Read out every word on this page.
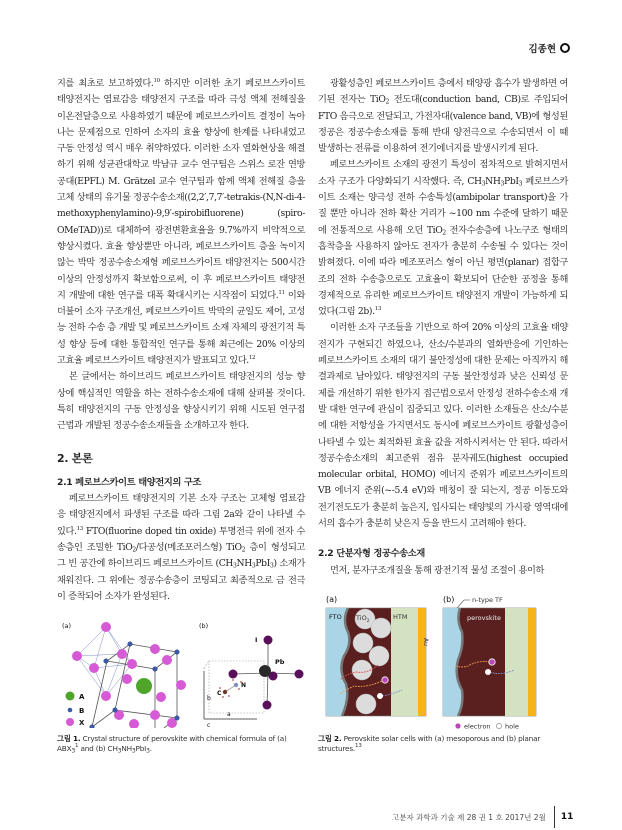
김종현

지를 최초로 보고하였다.$^{10}$ 하지만 이러한 초기 페로브스카이트 태양전지는 염료감응 태양전지 구조를 따라 극성 액체 전해질을 이온전달층으로 사용하였기 때문에 페로브스카이트 결정이 녹아나는 문제점으로 인하여 소자의 효율 향상에 한계를 나타내었고 구동 안정성 역시 매우 취약하였다. 이러한 소자 열화현상을 해결하기 위해 성균관대학교 박남규 교수 연구팀은 스위스 로잔 연방공대(EPFL) M. Grätzel 교수 연구팀과 함께 액체 전해질 층을 고체 상태의 유기물 정공수송소재((2,2′,7,7′-tetrakis-(N,N-di-4-methoxyphenylamino)-9,9′-spirobifluorene) (spiro-OMeTAD))로 대체하여 광전변환효율을 9.7%까지 비약적으로 향상시켰다. 효율 향상뿐만 아니라, 페로브스카이트 층을 녹이지 않는 박막 정공수송소재형 페로브스카이트 태양전지는 500시간 이상의 안정성까지 확보함으로써, 이 후 페로브스카이트 태양전지 개발에 대한 연구를 대폭 확대시키는 시작점이 되었다.$^{11}$ 이와 더불어 소자 구조개선, 페로브스카이트 박막의 균일도 제어, 고성능 전하 수송 층 개발 및 페로브스카이트 소재 자체의 광전기적 특성 향상 등에 대한 통합적인 연구를 통해 최근에는 20% 이상의 고효율 페로브스카이트 태양전지가 발표되고 있다.$^{12}$

본 글에서는 하이브리드 페로브스카이트 태양전지의 성능 향상에 핵심적인 역할을 하는 전하수송소재에 대해 살펴볼 것이다. 특히 태양전지의 구동 안정성을 향상시키기 위해 시도된 연구접근법과 개발된 정공수송소재들을 소개하고자 한다.

2. 본론
2.1 페로브스카이트 태양전지의 구조

페로브스카이트 태양전지의 기본 소자 구조는 고체형 염료감응 태양전지에서 파생된 구조를 따라 그림 2a와 같이 나타낼 수 있다.$^{13}$ FTO(fluorine doped tin oxide) 투명전극 위에 전자 수송층인 조밀한 TiO$_2$/다공성(메조포러스형) TiO$_2$ 층이 형성되고 그 빈 공간에 하이브리드 페로브스카이트 $(CH_3NH_3PbI_3)$ 소재가 채워진다. 그 위에는 정공수송층이 코팅되고 최종적으로 금 전극이 증착되어 소자가 완성된다.

(a)	(b)
A
B
X
b
a
c
I
Pb
C
N
그림 1. Crystal structure of perovskite with chemical formula of (a) $ABX_3^1$ and (b) $CH_3NH_3PbI_3$.

광활성층인 페로브스카이트 층에서 태양광 흡수가 발생하면 여기된 전자는 TiO$_2$ 전도대(conduction band, CB)로 주입되어 FTO 음극으로 전달되고, 가전자대(valence band, VB)에 형성된 정공은 정공수송소재를 통해 반대 양전극으로 수송되면서 이 때 발생하는 전류를 이용하여 전기에너지를 발생시키게 된다.

페로브스카이트 소재의 광전기 특성이 점차적으로 밝혀지면서 소자 구조가 다양화되기 시작했다. 즉, $CH_3NH_3PbI_3$ 페로브스카이트 소재는 양극성 전하 수송특성(ambipolar transport)을 가질 뿐만 아니라 전하 확산 거리가 ~100 nm 수준에 달하기 때문에 전통적으로 사용해 오던 TiO$_2$ 전자수송층에 나노구조 형태의 흡착층을 사용하지 않아도 전자가 충분히 수송될 수 있다는 것이 밝혀졌다. 이에 따라 메조포러스 형이 아닌 평면(planar) 접합구조의 전하 수송층으로도 고효율이 확보되어 단순한 공정을 통해 경제적으로 유리한 페로브스카이트 태양전지 개발이 가능하게 되었다(그림 2b).$^{13}$

이러한 소자 구조들을 기반으로 하여 20% 이상의 고효율 태양전지가 구현되긴 하였으나, 산소/수분과의 열화반응에 기인하는 페로브스카이트 소재의 대기 불안정성에 대한 문제는 아직까지 해결과제로 남아있다. 태양전지의 구동 불안정성과 낮은 신뢰성 문제를 개선하기 위한 한가지 접근법으로서 안정성 전하수송소재 개발 대한 연구에 관심이 집중되고 있다. 이러한 소재들은 산소/수분에 대한 저항성을 가지면서도 동시에 페로브스카이트 광활성층이 나타낼 수 있는 최적화된 효율 값을 저하시켜서는 안 된다. 따라서 정공수송소재의 최고준위 점유 분자궤도(highest occupied molecular orbital, HOMO) 에너지 준위가 페로브스카이트의 VB 에너지 준위(~-5.4 eV)와 매칭이 잘 되는지, 정공 이동도와 전기전도도가 충분히 높은지, 입사되는 태양빛의 가시광 영역대에서의 흡수가 충분히 낮은지 등을 반드시 고려해야 한다.

2.2 단분자형 정공수송소재

먼저, 분자구조개질을 통해 광전기적 물성 조절이 용이하

(a)	(b)
FTO TiO$_2$
HTM
Au
n-type TF
perovskite
electron hole
그림 2. Perovskite solar cells with (a) mesoporous and (b) planar structures.$^{13}$
고분자 과학과 기술 제 28 권 1 호 2017년 2월 11
